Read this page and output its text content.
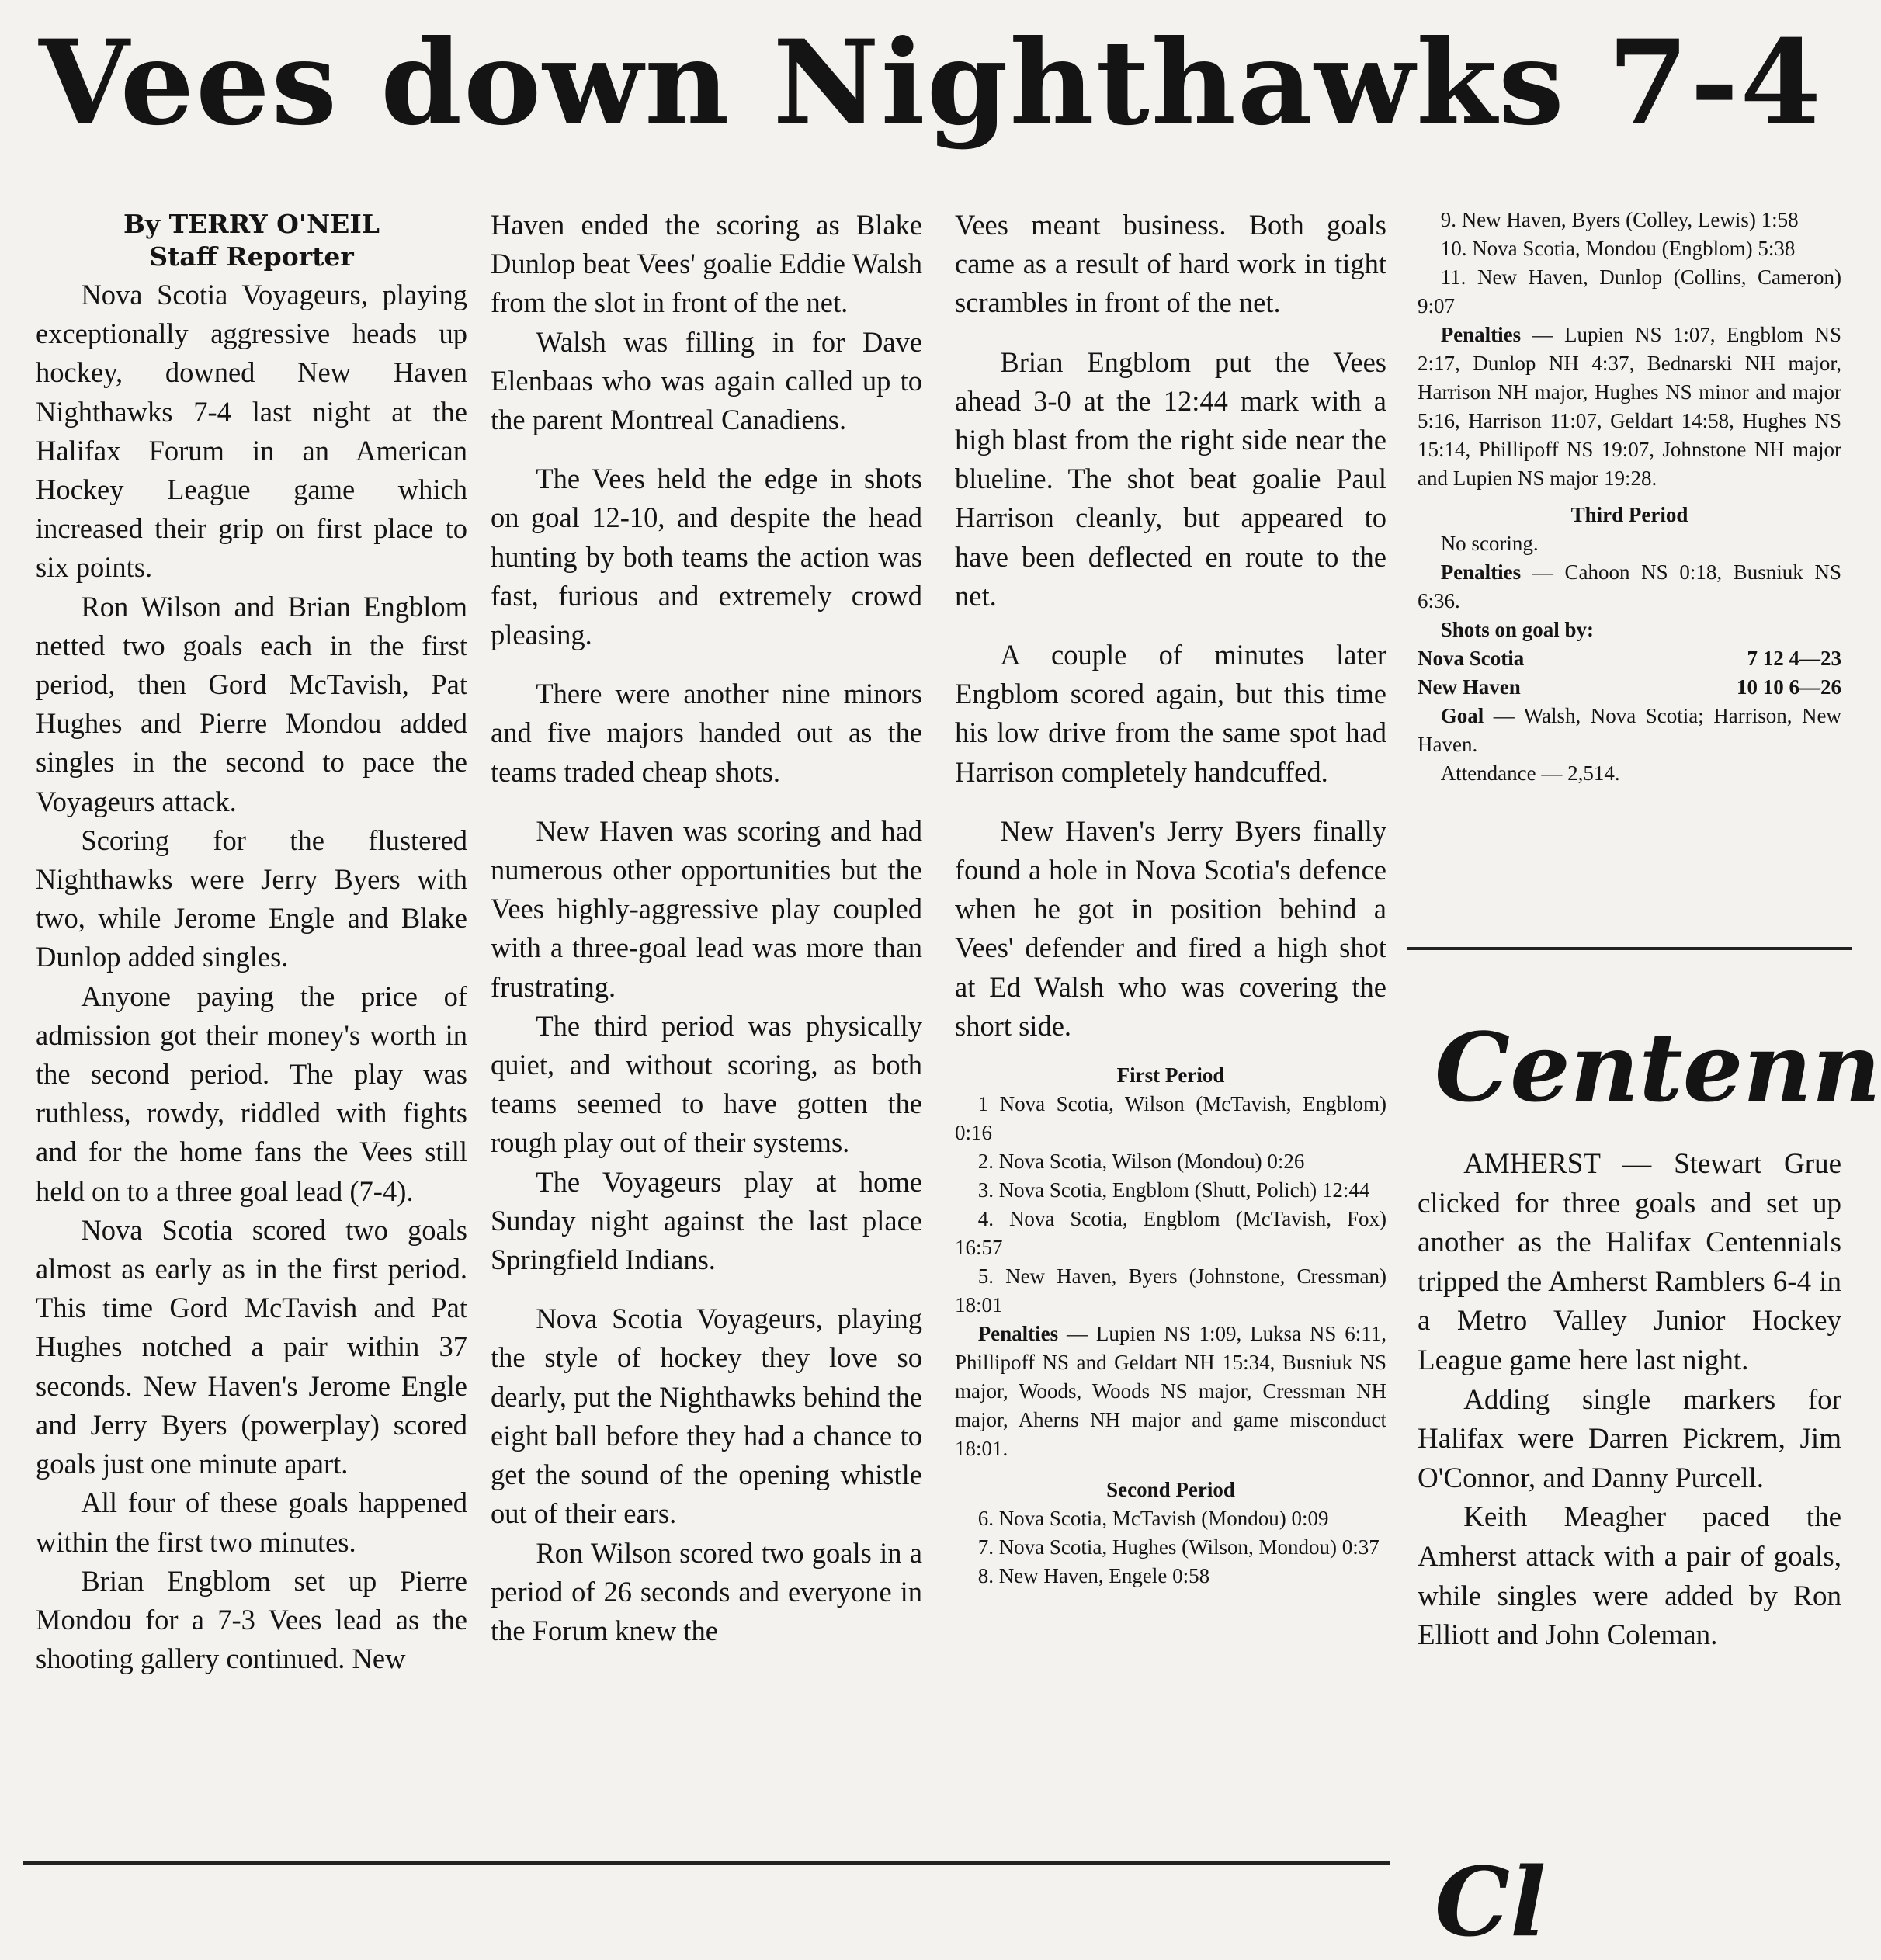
Vees down Nighthawks 7-4

By TERRY O'NEIL

Staff Reporter

Nova Scotia Voyageurs, playing exceptionally aggressive heads up hockey, downed New Haven Nighthawks 7-4 last night at the Halifax Forum in an American Hockey League game which increased their grip on first place to six points.

Ron Wilson and Brian Engblom netted two goals each in the first period, then Gord McTavish, Pat Hughes and Pierre Mondou added singles in the second to pace the Voyageurs attack.

Scoring for the flustered Nighthawks were Jerry Byers with two, while Jerome Engle and Blake Dunlop added singles.

Anyone paying the price of admission got their money's worth in the second period. The play was ruthless, rowdy, riddled with fights and for the home fans the Vees still held on to a three goal lead (7-4).

Nova Scotia scored two goals almost as early as in the first period. This time Gord McTavish and Pat Hughes notched a pair within 37 seconds. New Haven's Jerome Engle and Jerry Byers (powerplay) scored goals just one minute apart.

All four of these goals happened within the first two minutes.

Brian Engblom set up Pierre Mondou for a 7-3 Vees lead as the shooting gallery continued. New

Haven ended the scoring as Blake Dunlop beat Vees' goalie Eddie Walsh from the slot in front of the net.

Walsh was filling in for Dave Elenbaas who was again called up to the parent Montreal Canadiens.

The Vees held the edge in shots on goal 12-10, and despite the head hunting by both teams the action was fast, furious and extremely crowd pleasing.

There were another nine minors and five majors handed out as the teams traded cheap shots.

New Haven was scoring and had numerous other opportunities but the Vees highly-aggressive play coupled with a three-goal lead was more than frustrating.

The third period was physically quiet, and without scoring, as both teams seemed to have gotten the rough play out of their systems.

The Voyageurs play at home Sunday night against the last place Springfield Indians.

Nova Scotia Voyageurs, playing the style of hockey they love so dearly, put the Nighthawks behind the eight ball before they had a chance to get the sound of the opening whistle out of their ears.

Ron Wilson scored two goals in a period of 26 seconds and everyone in the Forum knew the

Vees meant business. Both goals came as a result of hard work in tight scrambles in front of the net.

Brian Engblom put the Vees ahead 3-0 at the 12:44 mark with a high blast from the right side near the blueline. The shot beat goalie Paul Harrison cleanly, but appeared to have been deflected en route to the net.

A couple of minutes later Engblom scored again, but this time his low drive from the same spot had Harrison completely handcuffed.

New Haven's Jerry Byers finally found a hole in Nova Scotia's defence when he got in position behind a Vees' defender and fired a high shot at Ed Walsh who was covering the short side.

First Period

1 Nova Scotia, Wilson (McTavish, Engblom) 0:16

2. Nova Scotia, Wilson (Mondou) 0:26

3. Nova Scotia, Engblom (Shutt, Polich) 12:44

4. Nova Scotia, Engblom (McTavish, Fox) 16:57

5. New Haven, Byers (Johnstone, Cressman) 18:01

Penalties — Lupien NS 1:09, Luksa NS 6:11, Phillipoff NS and Geldart NH 15:34, Busniuk NS major, Woods, Woods NS major, Cressman NH major, Aherns NH major and game misconduct 18:01.

Second Period

6. Nova Scotia, McTavish (Mondou) 0:09

7. Nova Scotia, Hughes (Wilson, Mondou) 0:37

8. New Haven, Engele 0:58

9. New Haven, Byers (Colley, Lewis) 1:58

10. Nova Scotia, Mondou (Engblom) 5:38

11. New Haven, Dunlop (Collins, Cameron) 9:07

Penalties — Lupien NS 1:07, Engblom NS 2:17, Dunlop NH 4:37, Bednarski NH major, Harrison NH major, Hughes NS minor and major 5:16, Harrison 11:07, Geldart 14:58, Hughes NS 15:14, Phillipoff NS 19:07, Johnstone NH major and Lupien NS major 19:28.

Third Period

No scoring.

Penalties — Cahoon NS 0:18, Busniuk NS 6:36.

Shots on goal by:

Nova Scotia	7 12 4—23
New Haven	10 10 6—26

Goal — Walsh, Nova Scotia; Harrison, New Haven.

Attendance — 2,514.

Centenn

AMHERST — Stewart Grue clicked for three goals and set up another as the Halifax Centennials tripped the Amherst Ramblers 6-4 in a Metro Valley Junior Hockey League game here last night.

Adding single markers for Halifax were Darren Pickrem, Jim O'Connor, and Danny Purcell.

Keith Meagher paced the Amherst attack with a pair of goals, while singles were added by Ron Elliott and John Coleman.

Cl
